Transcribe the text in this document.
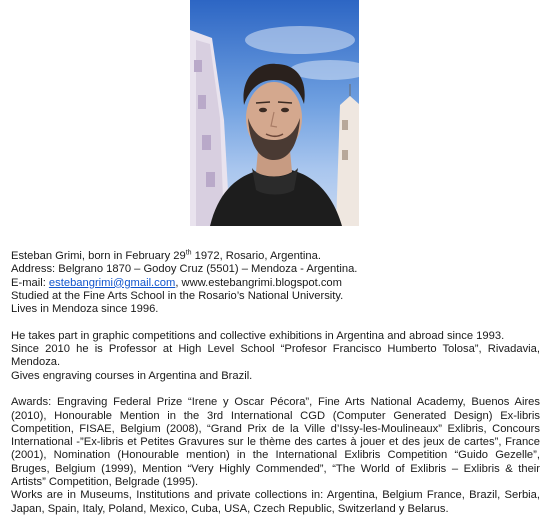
Esteban Grimi, born in February 29th 1972, Rosario, Argentina.

Address: Belgrano 1870 – Godoy Cruz (5501) – Mendoza - Argentina.

E-mail: estebangrimi@gmail.com, www.estebangrimi.blogspot.com

Studied at the Fine Arts School in the Rosario’s National University.

Lives in Mendoza since 1996.

He takes part in graphic competitions and collective exhibitions in Argentina and abroad since 1993.

Since 2010 he is Professor at High Level School “Profesor Francisco Humberto Tolosa”, Rivadavia, Mendoza.

Gives engraving courses in Argentina and Brazil.

Awards: Engraving Federal Prize “Irene y Oscar Pécora”, Fine Arts National Academy, Buenos Aires (2010), Honourable Mention in the 3rd International CGD (Computer Generated Design) Ex-libris Competition, FISAE, Belgium (2008), “Grand Prix de la Ville d’Issy-les-Moulineaux” Exlibris, Concours International -”Ex-libris et Petites Gravures sur le thème des cartes à jouer et des jeux de cartes”, France (2001), Nomination (Honourable mention) in the International Exlibris Competition “Guido Gezelle”, Bruges, Belgium (1999), Mention “Very Highly Commended”, “The World of Exlibris – Exlibris & their Artists” Competition, Belgrade (1995).

Works are in Museums, Institutions and private collections in: Argentina, Belgium France, Brazil, Serbia, Japan, Spain, Italy, Poland, Mexico, Cuba, USA, Czech Republic, Switzerland y Belarus.
